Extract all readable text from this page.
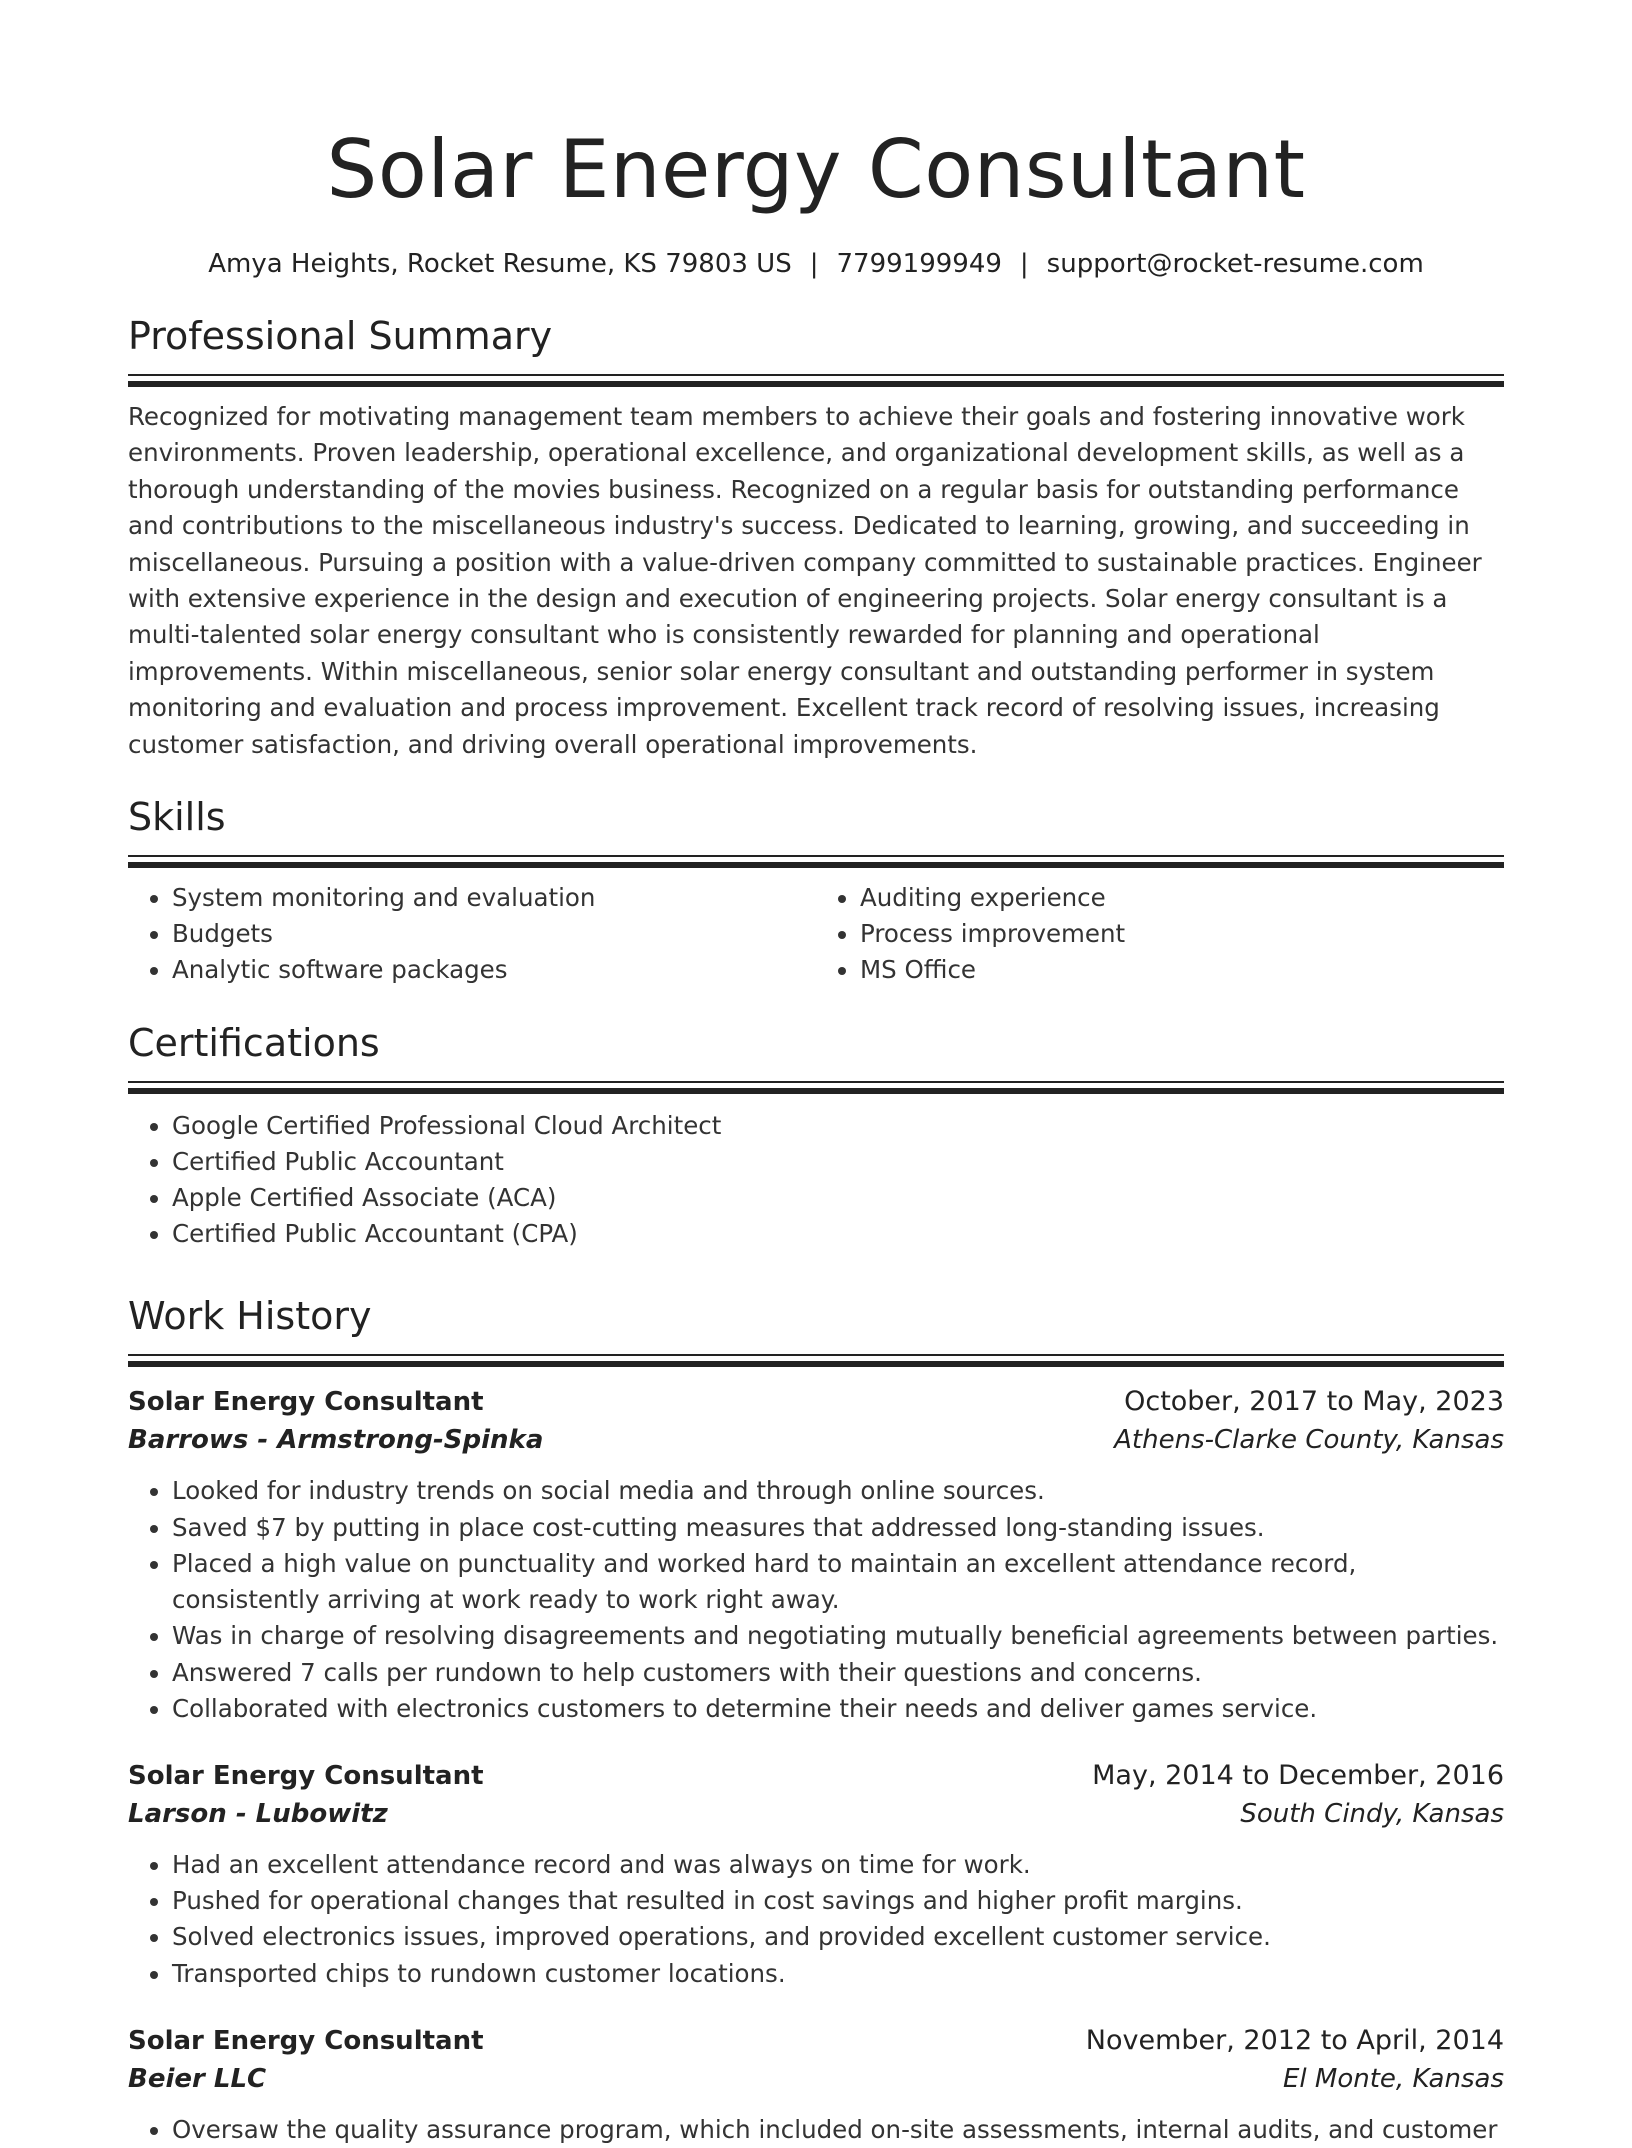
Solar Energy Consultant
Amya Heights, Rocket Resume, KS 79803 US | 7799199949 | support@rocket-resume.com
Professional Summary

Recognized for motivating management team members to achieve their goals and fostering innovative work environments. Proven leadership, operational excellence, and organizational development skills, as well as a thorough understanding of the movies business. Recognized on a regular basis for outstanding performance and contributions to the miscellaneous industry's success. Dedicated to learning, growing, and succeeding in miscellaneous. Pursuing a position with a value-driven company committed to sustainable practices. Engineer with extensive experience in the design and execution of engineering projects. Solar energy consultant is a multi-talented solar energy consultant who is consistently rewarded for planning and operational improvements. Within miscellaneous, senior solar energy consultant and outstanding performer in system monitoring and evaluation and process improvement. Excellent track record of resolving issues, increasing customer satisfaction, and driving overall operational improvements.

Skills
• System monitoring and evaluation
• Budgets
• Analytic software packages
• Auditing experience
• Process improvement
• MS Office
Certifications
• Google Certified Professional Cloud Architect
• Certified Public Accountant
• Apple Certified Associate (ACA)
• Certified Public Accountant (CPA)
Work History
Solar Energy Consultant	October, 2017 to May, 2023
Barrows - Armstrong-Spinka	Athens-Clarke County, Kansas
• Looked for industry trends on social media and through online sources.
• Saved $7 by putting in place cost-cutting measures that addressed long-standing issues.
• Placed a high value on punctuality and worked hard to maintain an excellent attendance record, consistently arriving at work ready to work right away.
• Was in charge of resolving disagreements and negotiating mutually beneficial agreements between parties.
• Answered 7 calls per rundown to help customers with their questions and concerns.
• Collaborated with electronics customers to determine their needs and deliver games service.
Solar Energy Consultant	May, 2014 to December, 2016
Larson - Lubowitz	South Cindy, Kansas
• Had an excellent attendance record and was always on time for work.
• Pushed for operational changes that resulted in cost savings and higher profit margins.
• Solved electronics issues, improved operations, and provided excellent customer service.
• Transported chips to rundown customer locations.
Solar Energy Consultant	November, 2012 to April, 2014
Beier LLC	El Monte, Kansas
• Oversaw the quality assurance program, which included on-site assessments, internal audits, and customer
